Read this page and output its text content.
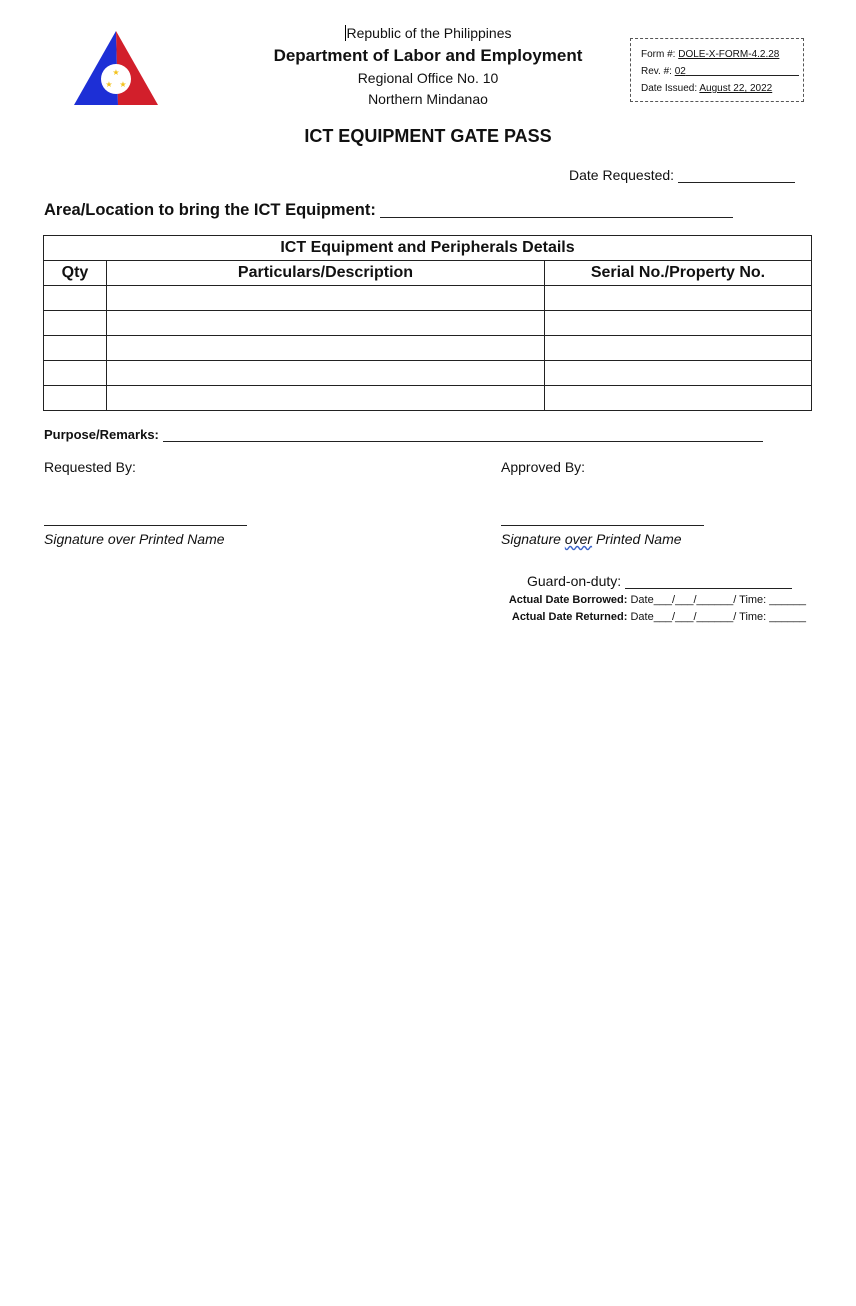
★
★ ★
Republic of the Philippines
Department of Labor and Employment
Regional Office No. 10
Northern Mindanao
Form #: DOLE-X-FORM-4.2.28
Rev. #: 02
Date Issued: August 22, 2022
ICT EQUIPMENT GATE PASS
Date Requested:
Area/Location to bring the ICT Equipment:
ICT Equipment and Peripherals Details		
Qty	Particulars/Description	Serial No./Property No.

Purpose/Remarks:
Requested By:	Approved By:
Signature over Printed Name	Signature over Printed Name
Guard-on-duty:
Actual Date Borrowed: Date___/___/______/ Time: ______
Actual Date Returned: Date___/___/______/ Time: ______
